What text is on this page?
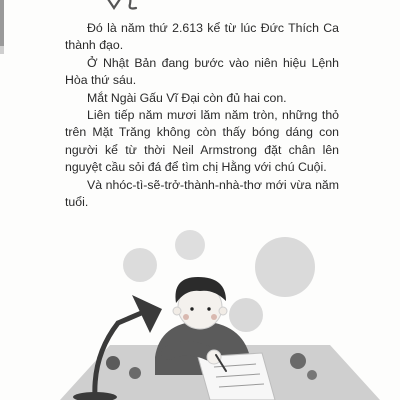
Đó là năm thứ 2.613 kể từ lúc Đức Thích Ca thành đạo.

Ở Nhật Bản đang bước vào niên hiệu Lệnh Hòa thứ sáu.

Mắt Ngài Gấu Vĩ Đại còn đủ hai con.

Liên tiếp năm mươi lăm năm tròn, những thỏ trên Mặt Trăng không còn thấy bóng dáng con người kể từ thời Neil Armstrong đặt chân lên nguyệt cầu sỏi đá để tìm chị Hằng với chú Cuội.

Và nhóc-tì-sẽ-trở-thành-nhà-thơ mới vừa năm tuổi.
